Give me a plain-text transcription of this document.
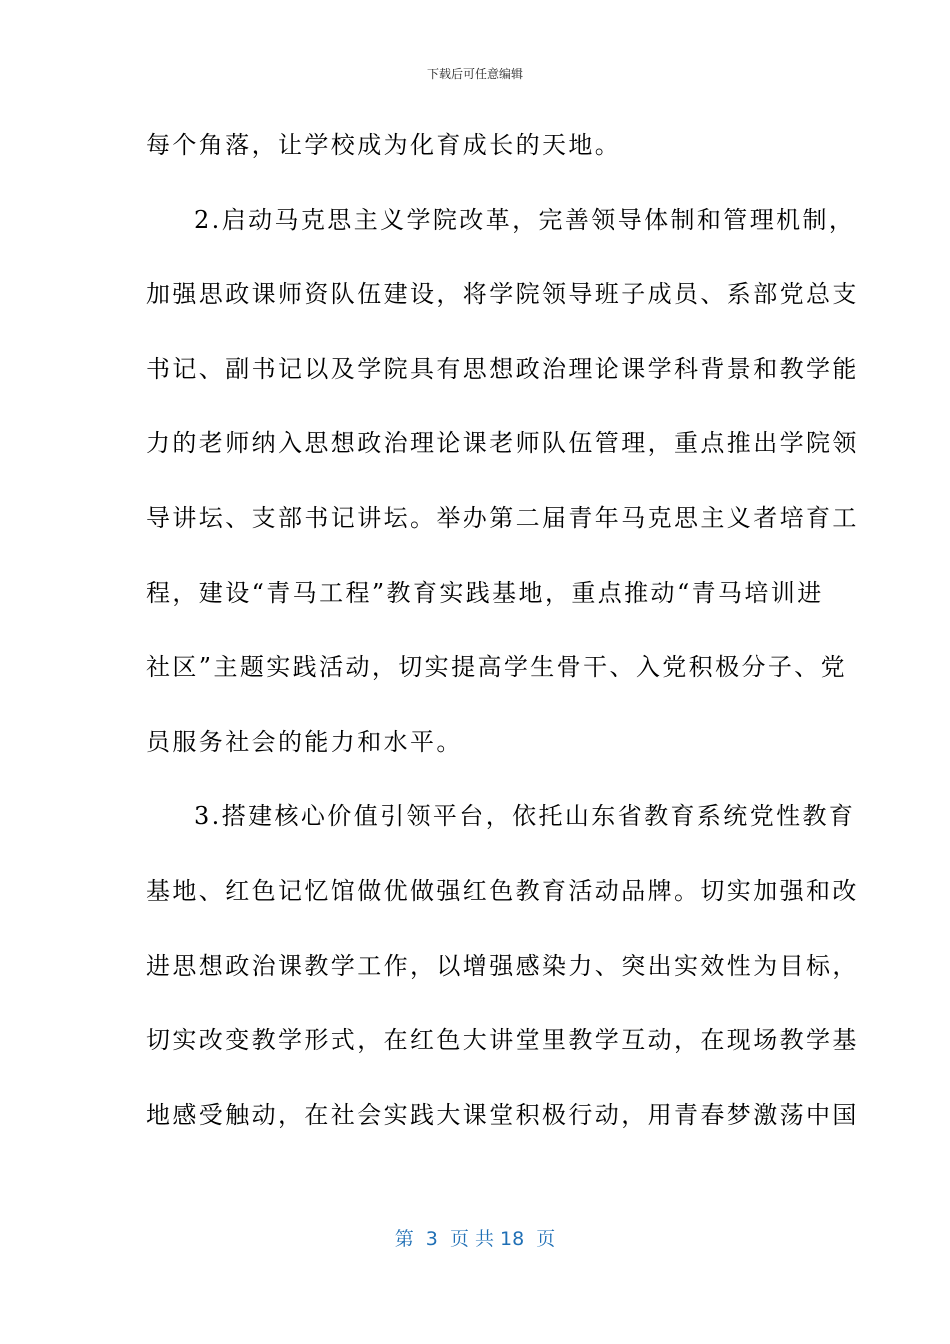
下载后可任意编辑
每个角落，让学校成为化育成长的天地。
2.启动马克思主义学院改革，完善领导体制和管理机制，
加强思政课师资队伍建设，将学院领导班子成员、系部党总支
书记、副书记以及学院具有思想政治理论课学科背景和教学能
力的老师纳入思想政治理论课老师队伍管理，重点推出学院领
导讲坛、支部书记讲坛。举办第二届青年马克思主义者培育工
程，建设“青马工程”教育实践基地，重点推动“青马培训进
社区”主题实践活动，切实提高学生骨干、入党积极分子、党
员服务社会的能力和水平。
3.搭建核心价值引领平台，依托山东省教育系统党性教育
基地、红色记忆馆做优做强红色教育活动品牌。切实加强和改
进思想政治课教学工作，以增强感染力、突出实效性为目标，
切实改变教学形式，在红色大讲堂里教学互动，在现场教学基
地感受触动，在社会实践大课堂积极行动，用青春梦激荡中国
第  3  页 共 18  页
